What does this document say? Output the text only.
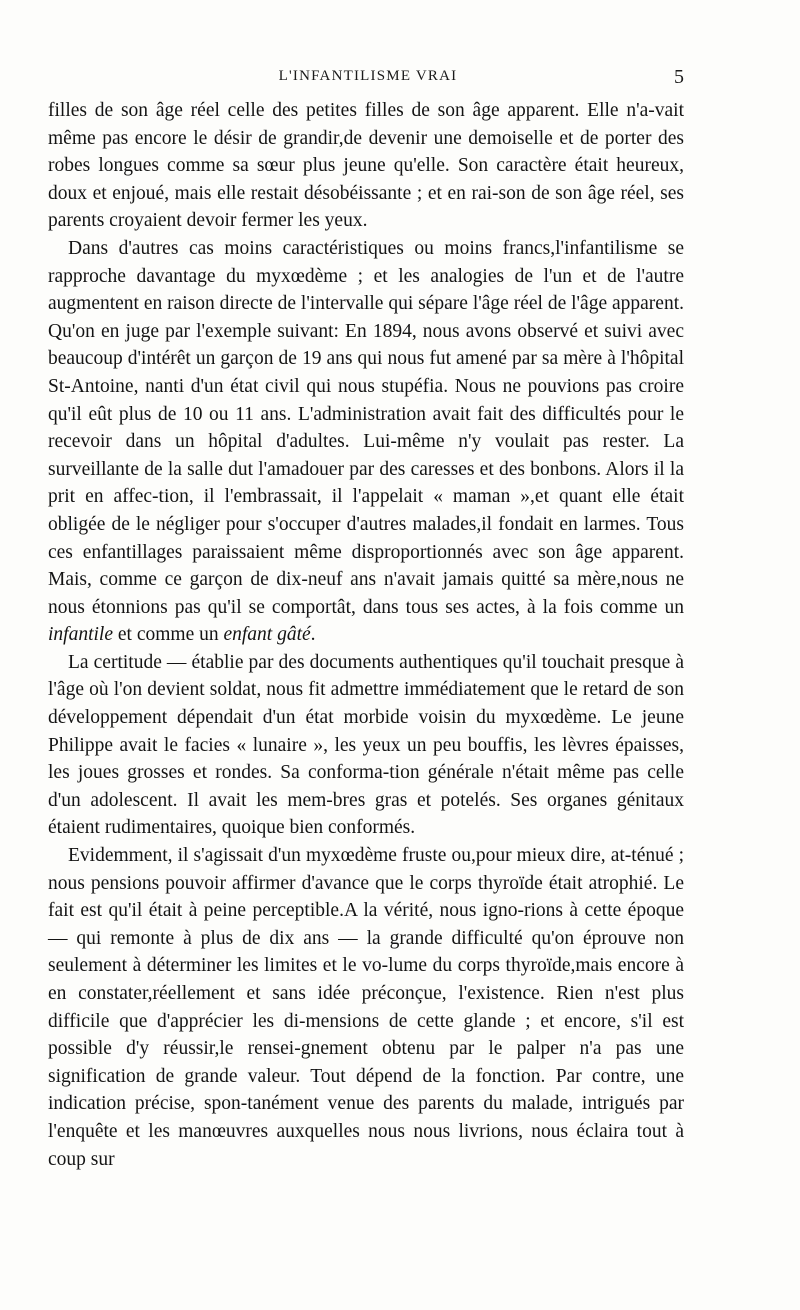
L'INFANTILISME VRAI	5

filles de son âge réel celle des petites filles de son âge apparent. Elle n'a-vait même pas encore le désir de grandir,de devenir une demoiselle et de porter des robes longues comme sa sœur plus jeune qu'elle. Son caractère était heureux, doux et enjoué, mais elle restait désobéissante ; et en rai-son de son âge réel, ses parents croyaient devoir fermer les yeux.

Dans d'autres cas moins caractéristiques ou moins francs,l'infantilisme se rapproche davantage du myxœdème ; et les analogies de l'un et de l'autre augmentent en raison directe de l'intervalle qui sépare l'âge réel de l'âge apparent. Qu'on en juge par l'exemple suivant: En 1894, nous avons observé et suivi avec beaucoup d'intérêt un garçon de 19 ans qui nous fut amené par sa mère à l'hôpital St-Antoine, nanti d'un état civil qui nous stupéfia. Nous ne pouvions pas croire qu'il eût plus de 10 ou 11 ans. L'administration avait fait des difficultés pour le recevoir dans un hôpital d'adultes. Lui-même n'y voulait pas rester. La surveillante de la salle dut l'amadouer par des caresses et des bonbons. Alors il la prit en affec-tion, il l'embrassait, il l'appelait « maman »,et quant elle était obligée de le négliger pour s'occuper d'autres malades,il fondait en larmes. Tous ces enfantillages paraissaient même disproportionnés avec son âge apparent. Mais, comme ce garçon de dix-neuf ans n'avait jamais quitté sa mère,nous ne nous étonnions pas qu'il se comportât, dans tous ses actes, à la fois comme un infantile et comme un enfant gâté.

La certitude — établie par des documents authentiques qu'il touchait presque à l'âge où l'on devient soldat, nous fit admettre immédiatement que le retard de son développement dépendait d'un état morbide voisin du myxœdème. Le jeune Philippe avait le facies « lunaire », les yeux un peu bouffis, les lèvres épaisses, les joues grosses et rondes. Sa conforma-tion générale n'était même pas celle d'un adolescent. Il avait les mem-bres gras et potelés. Ses organes génitaux étaient rudimentaires, quoique bien conformés.

Evidemment, il s'agissait d'un myxœdème fruste ou,pour mieux dire, at-ténué ; nous pensions pouvoir affirmer d'avance que le corps thyroïde était atrophié. Le fait est qu'il était à peine perceptible.A la vérité, nous igno-rions à cette époque — qui remonte à plus de dix ans — la grande difficulté qu'on éprouve non seulement à déterminer les limites et le vo-lume du corps thyroïde,mais encore à en constater,réellement et sans idée préconçue, l'existence. Rien n'est plus difficile que d'apprécier les di-mensions de cette glande ; et encore, s'il est possible d'y réussir,le rensei-gnement obtenu par le palper n'a pas une signification de grande valeur. Tout dépend de la fonction. Par contre, une indication précise, spon-tanément venue des parents du malade, intrigués par l'enquête et les manœuvres auxquelles nous nous livrions, nous éclaira tout à coup sur
